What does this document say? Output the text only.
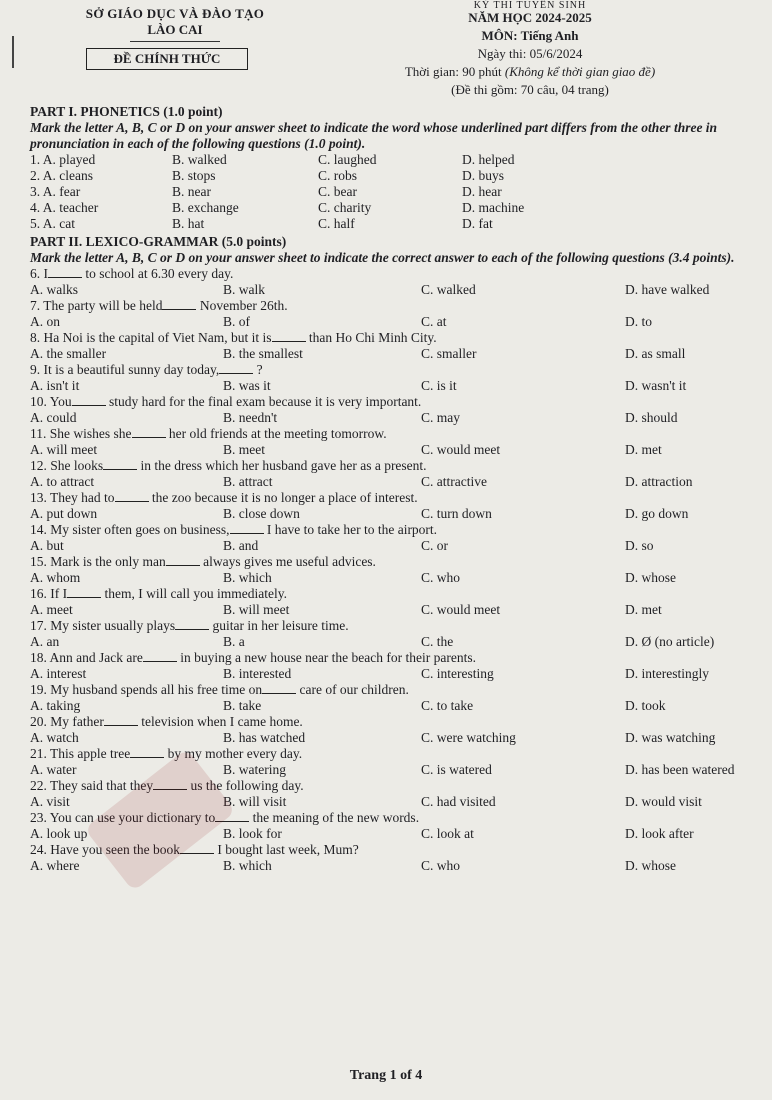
SỞ GIÁO DỤC VÀ ĐÀO TẠO
LÀO CAI
ĐỀ CHÍNH THỨC
KỲ THI TUYỂN SINH
NĂM HỌC 2024-2025
MÔN: Tiếng Anh
Ngày thi: 05/6/2024
Thời gian: 90 phút (Không kể thời gian giao đề)
(Đề thi gồm: 70 câu, 04 trang)
PART I. PHONETICS (1.0 point)
Mark the letter A, B, C or D on your answer sheet to indicate the word whose underlined part differs from the other three in pronunciation in each of the following questions (1.0 point).
1. A. played	B. walked	C. laughed	D. helped
2. A. cleans	B. stops	C. robs	D. buys
3. A. fear	B. near	C. bear	D. hear
4. A. teacher	B. exchange	C. charity	D. machine
5. A. cat	B. hat	C. half	D. fat
PART II. LEXICO-GRAMMAR (5.0 points)
Mark the letter A, B, C or D on your answer sheet to indicate the correct answer to each of the following questions (3.4 points).
6. I	to school at 6.30 every day.
A. walks	B. walk	C. walked	D. have walked
7. The party will be held	November 26th.
A. on	B. of	C. at	D. to
8. Ha Noi is the capital of Viet Nam, but it is	than Ho Chi Minh City.
A. the smaller	B. the smallest	C. smaller	D. as small
9. It is a beautiful sunny day today,	?
A. isn't it	B. was it	C. is it	D. wasn't it
10. You	study hard for the final exam because it is very important.
A. could	B. needn't	C. may	D. should
11. She wishes she	her old friends at the meeting tomorrow.
A. will meet	B. meet	C. would meet	D. met
12. She looks	in the dress which her husband gave her as a present.
A. to attract	B. attract	C. attractive	D. attraction
13. They had to	the zoo because it is no longer a place of interest.
A. put down	B. close down	C. turn down	D. go down
14. My sister often goes on business,	I have to take her to the airport.
A. but	B. and	C. or	D. so
15. Mark is the only man	always gives me useful advices.
A. whom	B. which	C. who	D. whose
16. If I	them, I will call you immediately.
A. meet	B. will meet	C. would meet	D. met
17. My sister usually plays	guitar in her leisure time.
A. an	B. a	C. the	D. Ø (no article)
18. Ann and Jack are	in buying a new house near the beach for their parents.
A. interest	B. interested	C. interesting	D. interestingly
19. My husband spends all his free time on	care of our children.
A. taking	B. take	C. to take	D. took
20. My father	television when I came home.
A. watch	B. has watched	C. were watching	D. was watching
21. This apple tree	by my mother every day.
A. water	B. watering	C. is watered	D. has been watered
22. They said that they	us the following day.
A. visit	B. will visit	C. had visited	D. would visit
23. You can use your dictionary to	the meaning of the new words.
A. look up	B. look for	C. look at	D. look after
24. Have you seen the book	I bought last week, Mum?
A. where	B. which	C. who	D. whose
Trang 1 of 4
